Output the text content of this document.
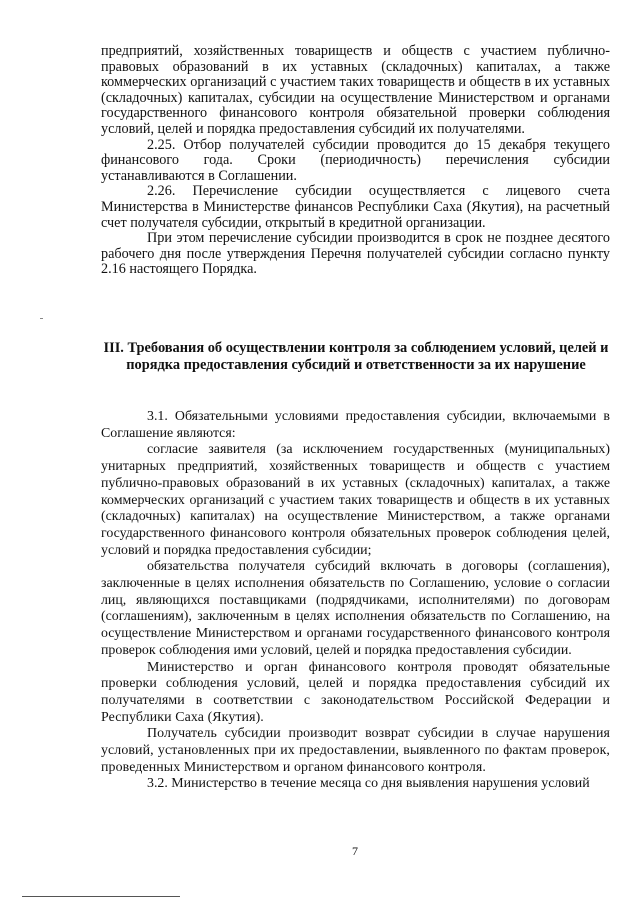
предприятий, хозяйственных товариществ и обществ с участием публично-правовых образований в их уставных (складочных) капиталах, а также коммерческих организаций с участием таких товариществ и обществ в их уставных (складочных) капиталах, субсидии на осуществление Министерством и органами государственного финансового контроля обязательной проверки соблюдения условий, целей и порядка предоставления субсидий их получателями.

2.25. Отбор получателей субсидии проводится до 15 декабря текущего финансового года. Сроки (периодичность) перечисления субсидии устанавливаются в Соглашении.

2.26. Перечисление субсидии осуществляется с лицевого счета Министерства в Министерстве финансов Республики Саха (Якутия), на расчетный счет получателя субсидии, открытый в кредитной организации.

При этом перечисление субсидии производится в срок не позднее десятого рабочего дня после утверждения Перечня получателей субсидии согласно пункту 2.16 настоящего Порядка.

III. Требования об осуществлении контроля за соблюдением условий, целей и порядка предоставления субсидий и ответственности за их нарушение

3.1. Обязательными условиями предоставления субсидии, включаемыми в Соглашение являются:

согласие заявителя (за исключением государственных (муниципальных) унитарных предприятий, хозяйственных товариществ и обществ с участием публично-правовых образований в их уставных (складочных) капиталах, а также коммерческих организаций с участием таких товариществ и обществ в их уставных (складочных) капиталах) на осуществление Министерством, а также органами государственного финансового контроля обязательных проверок соблюдения целей, условий и порядка предоставления субсидии;

обязательства получателя субсидий включать в договоры (соглашения), заключенные в целях исполнения обязательств по Соглашению, условие о согласии лиц, являющихся поставщиками (подрядчиками, исполнителями) по договорам (соглашениям), заключенным в целях исполнения обязательств по Соглашению, на осуществление Министерством и органами государственного финансового контроля проверок соблюдения ими условий, целей и порядка предоставления субсидии.

Министерство и орган финансового контроля проводят обязательные проверки соблюдения условий, целей и порядка предоставления субсидий их получателями в соответствии с законодательством Российской Федерации и Республики Саха (Якутия).

Получатель субсидии производит возврат субсидии в случае нарушения условий, установленных при их предоставлении, выявленного по фактам проверок, проведенных Министерством и органом финансового контроля.

3.2. Министерство в течение месяца со дня выявления нарушения условий

7
